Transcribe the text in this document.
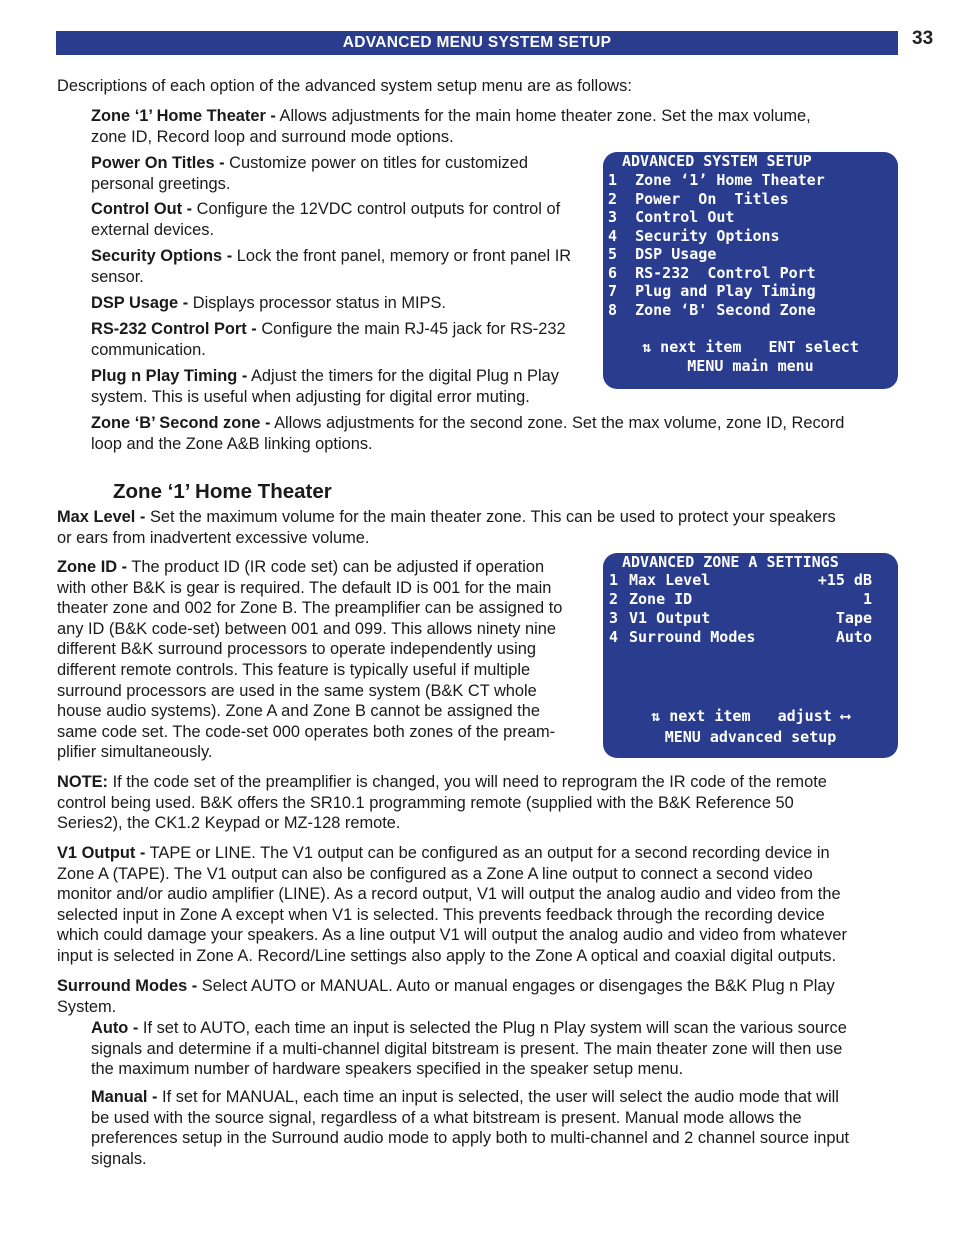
ADVANCED MENU SYSTEM SETUP	33

Descriptions of each option of the advanced system setup menu are as follows:

Zone ‘1’ Home Theater - Allows adjustments for the main home theater zone. Set the max volume,
zone ID, Record loop and surround mode options.

Power On Titles - Customize power on titles for customized
personal greetings.

Control Out - Configure the 12VDC control outputs for control of
external devices.

Security Options - Lock the front panel, memory or front panel IR
sensor.

DSP Usage - Displays processor status in MIPS.

RS-232 Control Port - Configure the main RJ-45 jack for RS-232
communication.

Plug n Play Timing - Adjust the timers for the digital Plug n Play
system. This is useful when adjusting for digital error muting.

Zone ‘B’ Second zone - Allows adjustments for the second zone. Set the max volume, zone ID, Record
loop and the Zone A&B linking options.

ADVANCED SYSTEM SETUP
1 Zone ‘1’ Home Theater
2 Power  On  Titles
3 Control Out
4 Security Options
5 DSP Usage
6 RS-232  Control Port
7 Plug and Play Timing
8 Zone ‘B' Second Zone
⇅ next item   ENT select
MENU main menu
Zone ‘1’ Home Theater

Max Level - Set the maximum volume for the main theater zone. This can be used to protect your speakers
or ears from inadvertent excessive volume.

Zone ID - The product ID (IR code set) can be adjusted if operation
with other B&K is gear is required. The default ID is 001 for the main
theater zone and 002 for Zone B. The preamplifier can be assigned to
any ID (B&K code-set) between 001 and 099. This allows ninety nine
different B&K surround processors to operate independently using
different remote controls. This feature is typically useful if multiple
surround processors are used in the same system (B&K CT whole
house audio systems). Zone A and Zone B cannot be assigned the
same code set. The code-set 000 operates both zones of the pream-
plifier simultaneously.

ADVANCED ZONE A SETTINGS
1 Max Level	+15 dB
2 Zone ID	1
3 V1 Output	Tape
4 Surround Modes	Auto
⇅ next item   adjust ⟷
MENU advanced setup

NOTE: If the code set of the preamplifier is changed, you will need to reprogram the IR code of the remote
control being used. B&K offers the SR10.1 programming remote (supplied with the B&K Reference 50
Series2), the CK1.2 Keypad or MZ-128 remote.

V1 Output - TAPE or LINE. The V1 output can be configured as an output for a second recording device in
Zone A (TAPE). The V1 output can also be configured as a Zone A line output to connect a second video
monitor and/or audio amplifier (LINE). As a record output, V1 will output the analog audio and video from the
selected input in Zone A except when V1 is selected. This prevents feedback through the recording device
which could damage your speakers. As a line output V1 will output the analog audio and video from whatever
input is selected in Zone A. Record/Line settings also apply to the Zone A optical and coaxial digital outputs.

Surround Modes - Select AUTO or MANUAL. Auto or manual engages or disengages the B&K Plug n Play
System.

Auto - If set to AUTO, each time an input is selected the Plug n Play system will scan the various source
signals and determine if a multi-channel digital bitstream is present. The main theater zone will then use
the maximum number of hardware speakers specified in the speaker setup menu.

Manual - If set for MANUAL, each time an input is selected, the user will select the audio mode that will
be used with the source signal, regardless of a what bitstream is present. Manual mode allows the
preferences setup in the Surround audio mode to apply both to multi-channel and 2 channel source input
signals.
